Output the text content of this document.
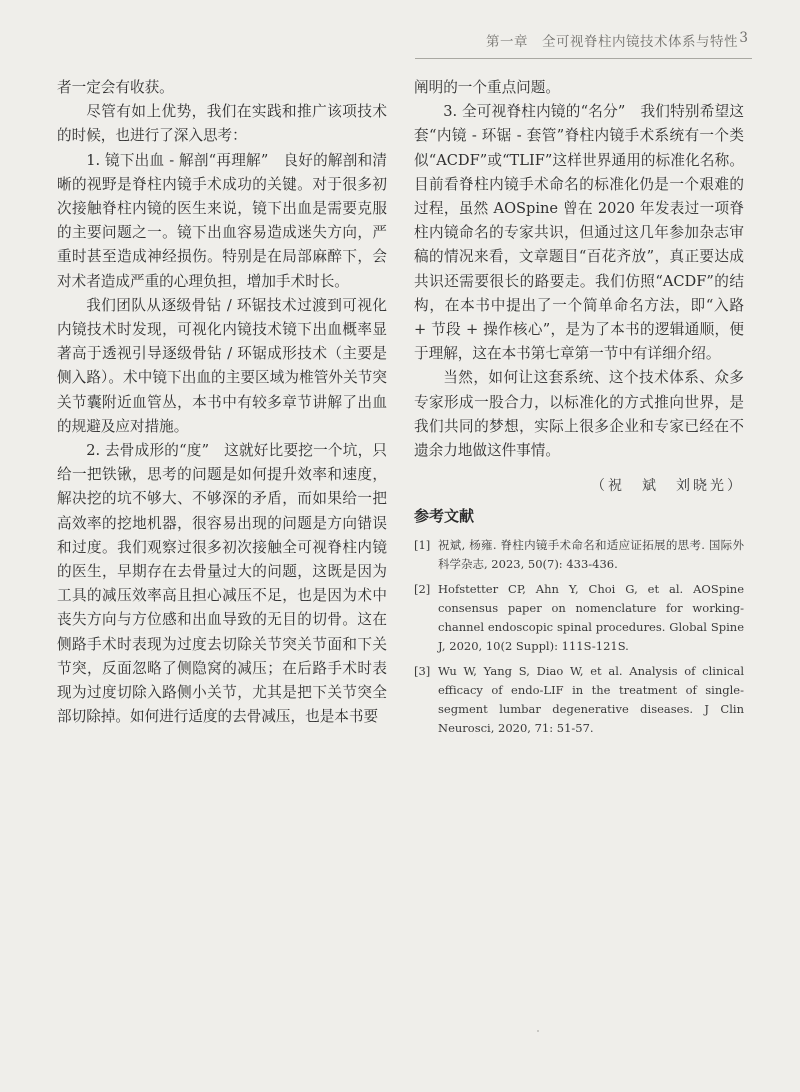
第一章　全可视脊柱内镜技术体系与特性 3

者一定会有收获。

尽管有如上优势，我们在实践和推广该项技术的时候，也进行了深入思考：

1. 镜下出血 - 解剖“再理解”　良好的解剖和清晰的视野是脊柱内镜手术成功的关键。对于很多初次接触脊柱内镜的医生来说，镜下出血是需要克服的主要问题之一。镜下出血容易造成迷失方向，严重时甚至造成神经损伤。特别是在局部麻醉下，会对术者造成严重的心理负担，增加手术时长。

我们团队从逐级骨钻 / 环锯技术过渡到可视化内镜技术时发现，可视化内镜技术镜下出血概率显著高于透视引导逐级骨钻 / 环锯成形技术（主要是侧入路）。术中镜下出血的主要区域为椎管外关节突关节囊附近血管丛，本书中有较多章节讲解了出血的规避及应对措施。

2. 去骨成形的“度”　这就好比要挖一个坑，只给一把铁锹，思考的问题是如何提升效率和速度，解决挖的坑不够大、不够深的矛盾，而如果给一把高效率的挖地机器，很容易出现的问题是方向错误和过度。我们观察过很多初次接触全可视脊柱内镜的医生，早期存在去骨量过大的问题，这既是因为工具的减压效率高且担心减压不足，也是因为术中丧失方向与方位感和出血导致的无目的切骨。这在侧路手术时表现为过度去切除关节突关节面和下关节突，反面忽略了侧隐窝的减压；在后路手术时表现为过度切除入路侧小关节，尤其是把下关节突全部切除掉。如何进行适度的去骨减压，也是本书要

阐明的一个重点问题。

3. 全可视脊柱内镜的“名分”　我们特别希望这套“内镜 - 环锯 - 套管”脊柱内镜手术系统有一个类似“ACDF”或“TLIF”这样世界通用的标准化名称。目前看脊柱内镜手术命名的标准化仍是一个艰难的过程，虽然 AOSpine 曾在 2020 年发表过一项脊柱内镜命名的专家共识，但通过这几年参加杂志审稿的情况来看，文章题目“百花齐放”，真正要达成共识还需要很长的路要走。我们仿照“ACDF”的结构，在本书中提出了一个简单命名方法，即“入路 + 节段 + 操作核心”，是为了本书的逻辑通顺，便于理解，这在本书第七章第一节中有详细介绍。

当然，如何让这套系统、这个技术体系、众多专家形成一股合力，以标准化的方式推向世界，是我们共同的梦想，实际上很多企业和专家已经在不遗余力地做这件事情。

（祝　斌　刘晓光）
参考文献
[1] 祝斌, 杨雍. 脊柱内镜手术命名和适应证拓展的思考. 国际外科学杂志, 2023, 50(7): 433-436.
[2] Hofstetter CP, Ahn Y, Choi G, et al. AOSpine consensus paper on nomenclature for working-channel endoscopic spinal procedures. Global Spine J, 2020, 10(2 Suppl): 111S-121S.
[3] Wu W, Yang S, Diao W, et al. Analysis of clinical efficacy of endo-LIF in the treatment of single-segment lumbar degenerative diseases. J Clin Neurosci, 2020, 71: 51-57.
